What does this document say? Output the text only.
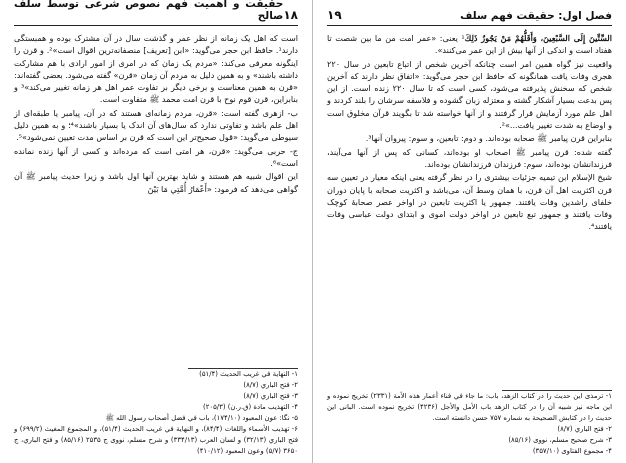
۱۸
حقیقت و اهمیت فهم نصوص شرعی توسط سلف صالح

است که اهل یک زمانه از نظر عمر و گذشت سال در آن مشترک بوده و همبستگی دارند¹. حافظ ابن حجر می‌گوید: «ابن [تعریف] منصفانه‌ترین اقوال است»². و قرن را اینگونه معرفی می‌کند: «مردم یک زمان که در امری از امور ارادی با هم مشارکت داشته باشند» و به همین دلیل به مردم آن زمان «قرن» گفته می‌شود. بعضی گفته‌اند: «قرن به همین معناست و برخی دیگر بر تفاوت عمر اهل هر زمانه تغییر می‌کند»³ و بنابراین، قرن قوم نوح با قرن امت محمد ﷺ متفاوت است.

ب- ازهری گفته است: «قرن، مردم زمانه‌ای هستند که در آن، پیامبر یا طبقه‌ای از اهل علم باشد و تفاوتی ندارد که سال‌های آن اندک یا بسیار باشند»⁴؛ و به همین دلیل سیوطی می‌گوید: «قول صحیح‌تر این است که قرن بر اساس مدت تعیین نمی‌شود»⁵.

ج- حربی می‌گوید: «قرن، هر امتی است که مرده‌اند و کسی از آنها زنده نمانده است»⁶.

این اقوال شبیه هم هستند و شاید بهترین آنها اول باشد و زیرا حدیث پیامبر ﷺ آن گواهی می‌دهد که فرمود: «أَعْمَارُ أُمَّتِي مَا بَيْنَ

۱- النهاية في غريب الحديث (۵۱/۴)
۲- فتح الباري (۸/۷)
۳- فتح الباري (۸/۷)
۴- التهذيب مادة (ق.ر.ن) (۲۰۵/۳)
۵- نگا: عون المعبود (۱۷۴/۱۰)، باب في فضل أصحاب رسول الله ﷺ
۶- تهذيب الأسماء واللغات (۸۴/۴)، و النهاية في غريب الحديث (۵۱/۴)، و المجموع المغيث (۶۹۹/۲) و فتح الباري (۳۲/۱۳) و لسان العرب (۳۳۴/۱۳) و شرح مسلم، نووی ج ۲۵۳۵ (۸۵/۱۶) و فتح الباري، ج ۳۶۵۰ (۵/۷) وعون المعبود (۴۱۰/۱۲)
فصل اول: حقیقت فهم سلف
۱۹

السِّتِّينَ إِلَى السَّبْعِينَ، وَأَقَلُّهُمْ مَنْ يَجُوزُ ذَلِكَ¹ یعنی: «عمر امت من ما بین شصت تا هفتاد است و اندکی از آنها بیش از این عمر می‌کنند».

واقعیت نیز گواه همین امر است چنانکه آخرین شخص از اتباع تابعین در سال ۲۲۰ هجری وفات یافت همانگونه که حافظ ابن حجر می‌گوید: «اتفاق نظر دارند که آخرین شخص که سخنش پذیرفته می‌شود، کسی است که تا سال ۲۲۰ زنده است. از این پس بدعت بسیار آشکار گشته و معتزله زبان گشوده و فلاسفه سرشان را بلند کردند و اهل علم مورد آزمایش قرار گرفتند و از آنها خواسته شد تا بگویند قرآن مخلوق است و اوضاع به شدت تغییر یافت...»².

بنابراین قرن پیامبر ﷺ صحابه بوده‌اند. و دوم: تابعین، و سوم: پیروان آنها³.

گفته شده: قرن پیامبر ﷺ اصحاب او بوده‌اند، کسانی که پس از آنها می‌آیند، فرزندانشان بوده‌اند، سوم: فرزندان فرزندانشان بوده‌اند.

شیخ الإسلام ابن تیمیه جزئیات بیشتری را در نظر گرفته یعنی اینکه معیار در تعیین سه قرن اکثریت اهل آن قرن، با همان وسط آن، می‌باشد و اکثریت صحابه با پایان دوران خلفای راشدین وفات یافتند. جمهور یا اکثریت تابعین در اواخر عصر صحابهٔ کوچک وفات یافتند و جمهور تبع تابعین در اواخر دولت اموی و ابتدای دولت عباسی وفات یافتند⁴.

۱- ترمذی این حدیث را در کتاب الزهد، باب: ما جاء في فناء أعمار هذه الأمة (۲۳۳۱) تخریج نموده و این ماجه نیز شبیه آن را در کتاب الزهد باب الأمل والأجل (۴۲۳۶) تخریج نموده است. البانی این حدیث را در کتابش الصحیحة به شماره ۷۵۷ حسن دانسته است.
۲- فتح الباري (۸/۷)
۳- شرح صحیح مسلم، نووی (۸۵/۱۶)
۴- مجموع الفتاوی (۳۵۷/۱۰)
